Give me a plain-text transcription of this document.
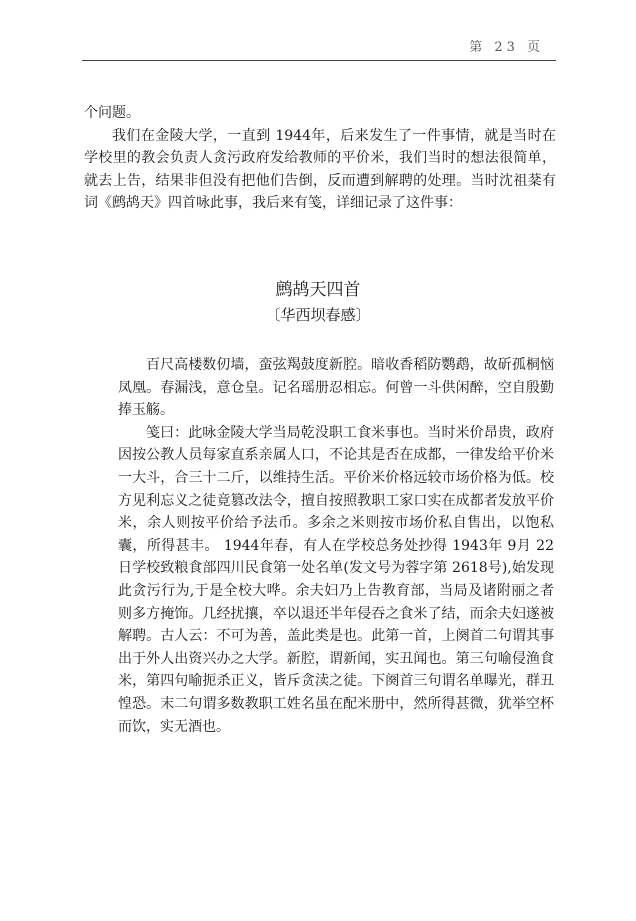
第 23 页

个问题。

我们在金陵大学，一直到 1944年，后来发生了一件事情，就是当时在学校里的教会负责人贪污政府发给教师的平价米，我们当时的想法很简单，就去上告，结果非但没有把他们告倒，反而遭到解聘的处理。当时沈祖棻有词《鹧鸪天》四首咏此事，我后来有笺，详细记录了这件事：

鹧鸪天四首
〔华西坝春感〕

百尺高楼数仞墙，蛮弦羯鼓度新腔。暗收香稻防鹦鹉，故斫孤桐恼凤凰。春漏浅，意仓皇。记名瑶册忍相忘。何曾一斗供闲醉，空自殷勤捧玉觞。

笺曰：此咏金陵大学当局乾没职工食米事也。当时米价昂贵，政府因按公教人员每家直系亲属人口，不论其是否在成都，一律发给平价米一大斗，合三十二斤，以维持生活。平价米价格远较市场价格为低。校方见利忘义之徒竟篡改法令，擅自按照教职工家口实在成都者发放平价米，余人则按平价给予法币。多余之米则按市场价私自售出，以饱私囊，所得甚丰。 1944年春，有人在学校总务处抄得 1943年 9月 22 日学校致粮食部四川民食第一处名单(发文号为蓉字第 2618号),始发现此贪污行为,于是全校大哗。余夫妇乃上告教育部，当局及诸附丽之者则多方掩饰。几经扰攘，卒以退还半年侵吞之食米了结，而余夫妇遂被解聘。古人云：不可为善，盖此类是也。此第一首，上阕首二句谓其事出于外人出资兴办之大学。新腔，谓新闻，实丑闻也。第三句喻侵渔食米，第四句喻扼杀正义，皆斥贪渎之徒。下阕首三句谓名单曝光，群丑惶恐。末二句谓多数教职工姓名虽在配米册中，然所得甚微，犹举空杯而饮，实无酒也。
